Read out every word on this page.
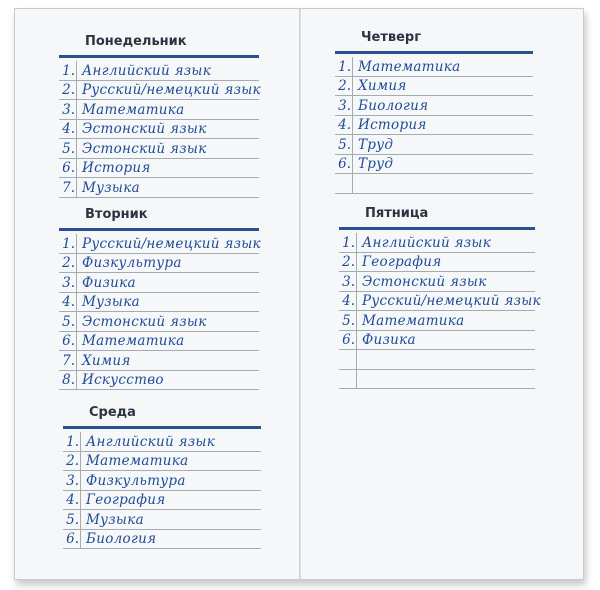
Понедельник
1. Английский язык
2. Русский/немецкий язык
3. Математика
4. Эстонский язык
5. Эстонский язык
6. История
7. Музыка
Вторник
1. Русский/немецкий язык
2. Физкультура
3. Физика
4. Музыка
5. Эстонский язык
6. Математика
7. Химия
8. Искусство
Среда
1. Английский язык
2. Математика
3. Физкультура
4. География
5. Музыка
6. Биология
Четверг
1. Математика
2. Химия
3. Биология
4. История
5. Труд
6. Труд
Пятница
1. Английский язык
2. География
3. Эстонский язык
4. Русский/немецкий язык
5. Математика
6. Физика
